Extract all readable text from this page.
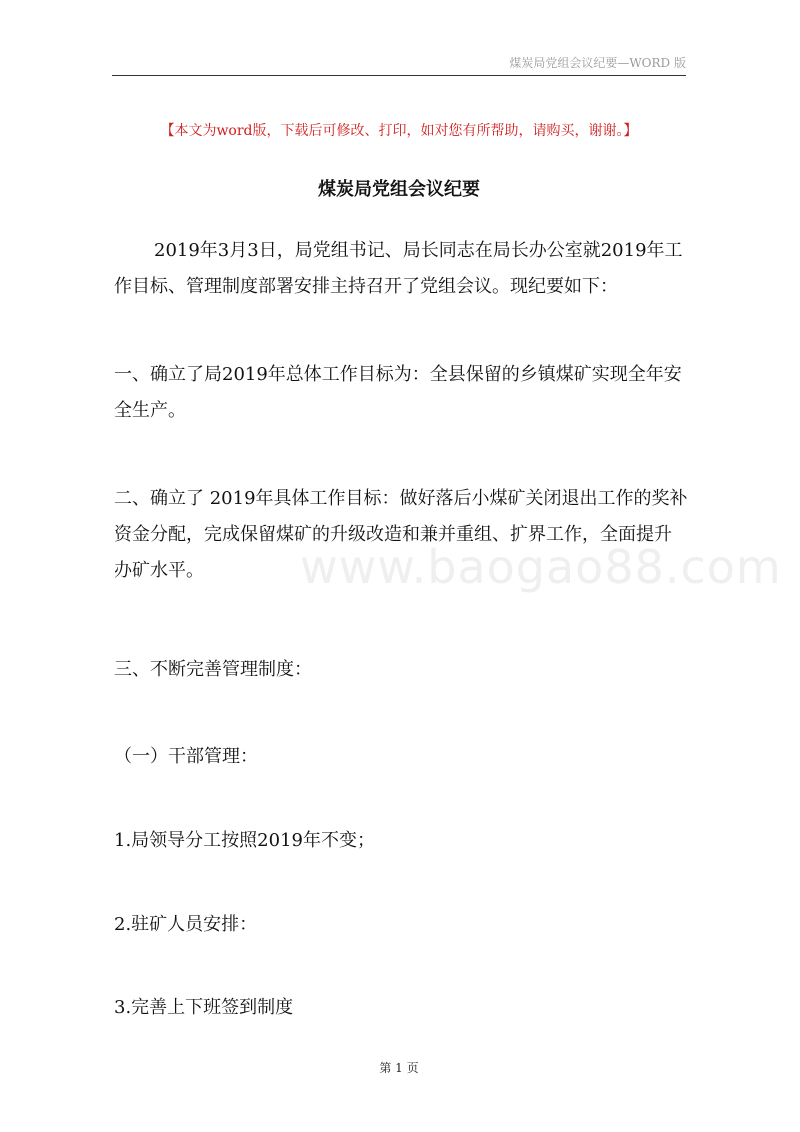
煤炭局党组会议纪要—WORD 版
【本文为word版，下载后可修改、打印，如对您有所帮助，请购买，谢谢。】
煤炭局党组会议纪要
www.baogao88.com
2019年3月3日，局党组书记、局长同志在局长办公室就2019年工作目标、管理制度部署安排主持召开了党组会议。现纪要如下：
一、确立了局2019年总体工作目标为：全县保留的乡镇煤矿实现全年安全生产。
二、确立了 2019年具体工作目标：做好落后小煤矿关闭退出工作的奖补资金分配，完成保留煤矿的升级改造和兼并重组、扩界工作，全面提升办矿水平。
三、不断完善管理制度：
（一）干部管理：
1.局领导分工按照2019年不变；
2.驻矿人员安排：
3.完善上下班签到制度
第 1 页
